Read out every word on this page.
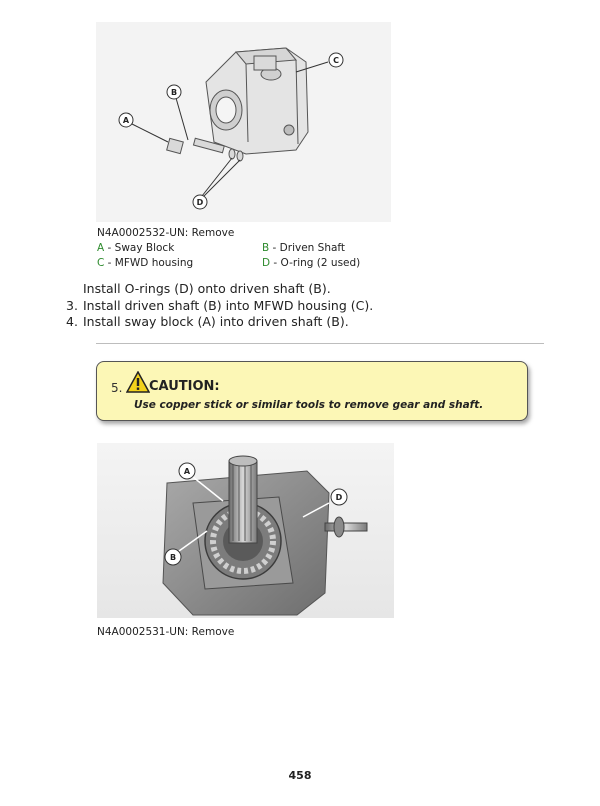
A
B
C
D
N4A0002532-UN: Remove
A - Sway Block	B - Driven Shaft
C - MFWD housing	D - O-ring (2 used)
Install O-rings (D) onto driven shaft (B).
3. Install driven shaft (B) into MFWD housing (C).
4. Install sway block (A) into driven shaft (B).
5. CAUTION:
Use copper stick or similar tools to remove gear and shaft.
A
B
D
N4A0002531-UN: Remove
458
